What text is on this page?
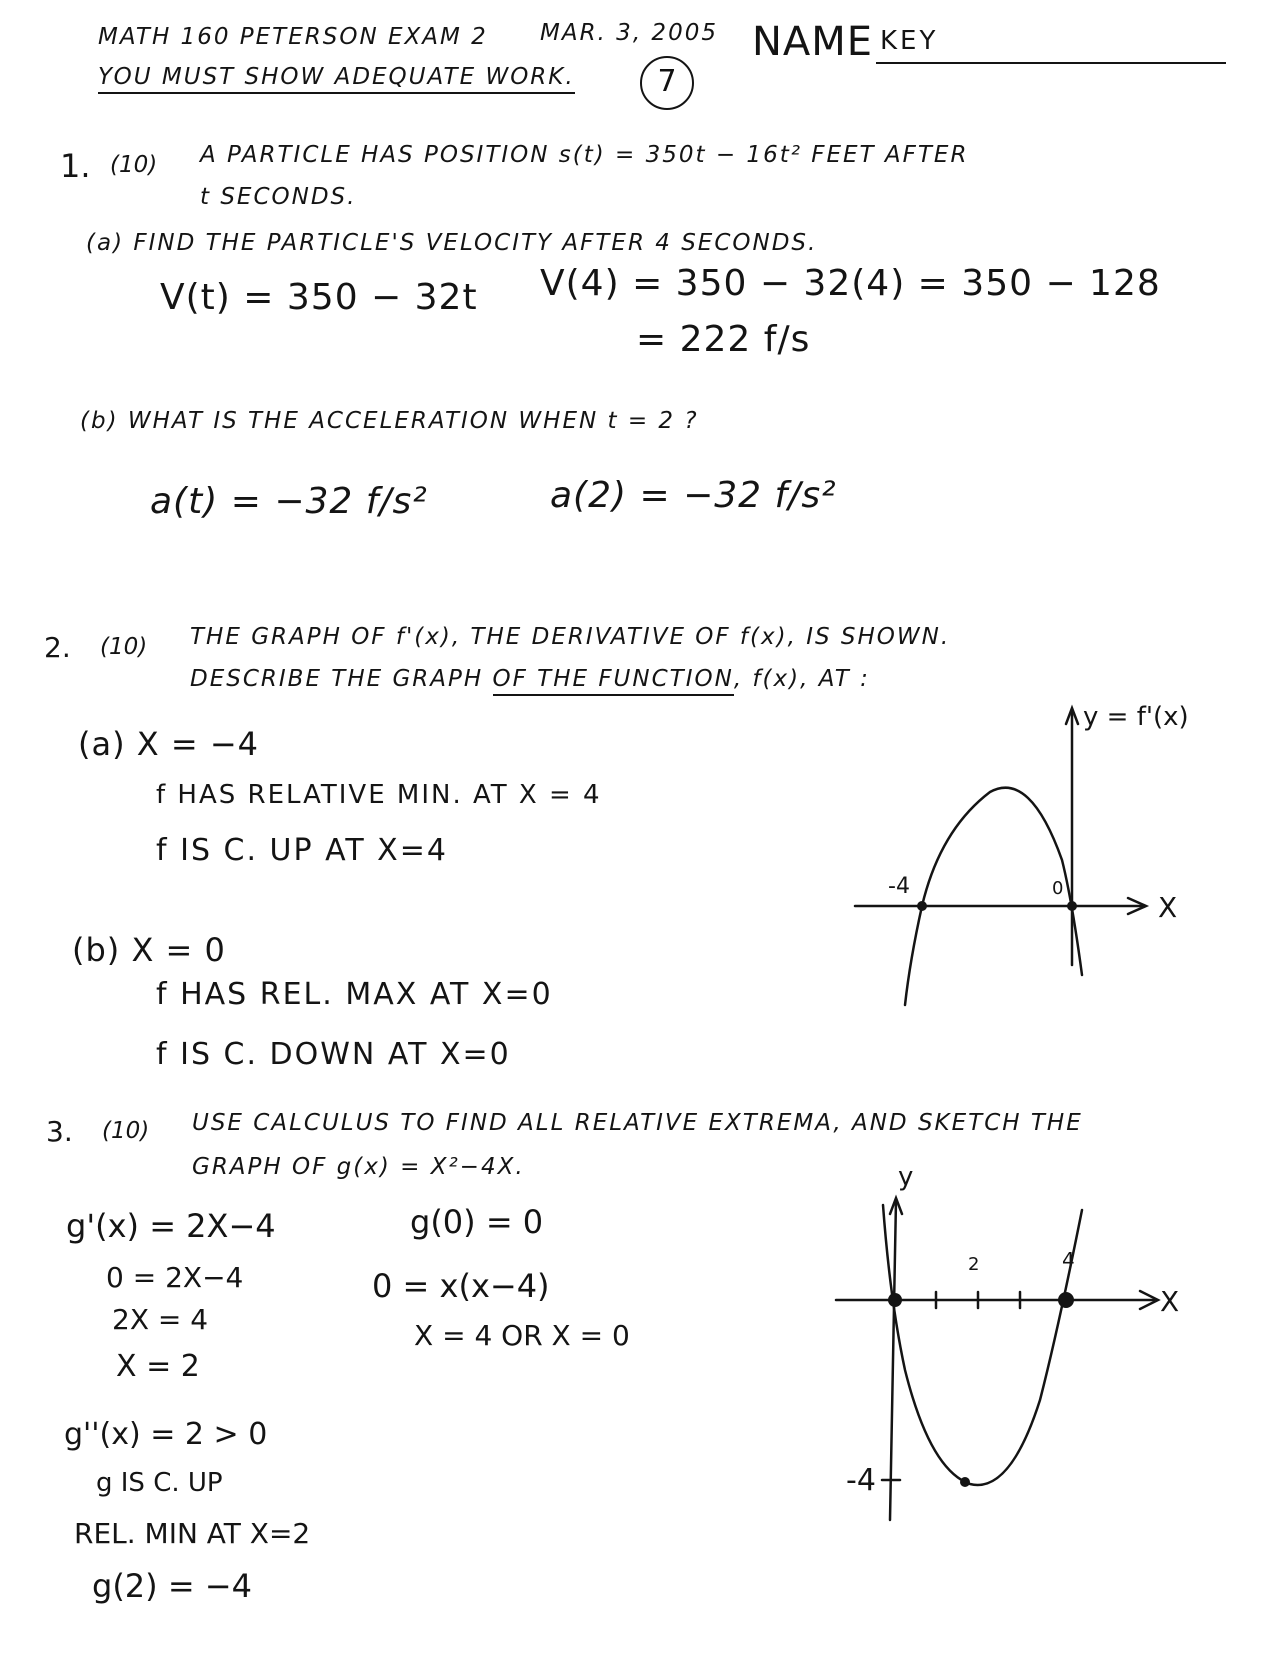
MATH 160 PETERSON EXAM 2 MAR. 3, 2005
YOU MUST SHOW ADEQUATE WORK.	7
NAME KEY
1. (10) A PARTICLE HAS POSITION s(t) = 350t − 16t² FEET AFTER
t SECONDS.
(a) FIND THE PARTICLE'S VELOCITY AFTER 4 SECONDS.
V(t) = 350 − 32t V(4) = 350 − 32(4) = 350 − 128
= 222 f/s
(b) WHAT IS THE ACCELERATION WHEN t = 2 ?
a(t) = −32 f/s²	a(2) = −32 f/s²
2. (10) THE GRAPH OF f'(x), THE DERIVATIVE OF f(x), IS SHOWN.
DESCRIBE THE GRAPH OF THE FUNCTION, f(x), AT :
(a) X = −4
f HAS RELATIVE MIN. AT X = 4
f IS C. UP AT X=4
(b) X = 0
f HAS REL. MAX AT X=0
f IS C. DOWN AT X=0
y = f'(x)
X
-4	0
3. (10) USE CALCULUS TO FIND ALL RELATIVE EXTREMA, AND SKETCH THE
GRAPH OF g(x) = X²−4X.
g'(x) = 2X−4
0 = 2X−4
2X = 4
X = 2
g(0) = 0
0 = x(x−4)
X = 4 OR X = 0
g''(x) = 2 > 0
g IS C. UP
REL. MIN AT X=2
g(2) = −4
y
X
2	4
-4
